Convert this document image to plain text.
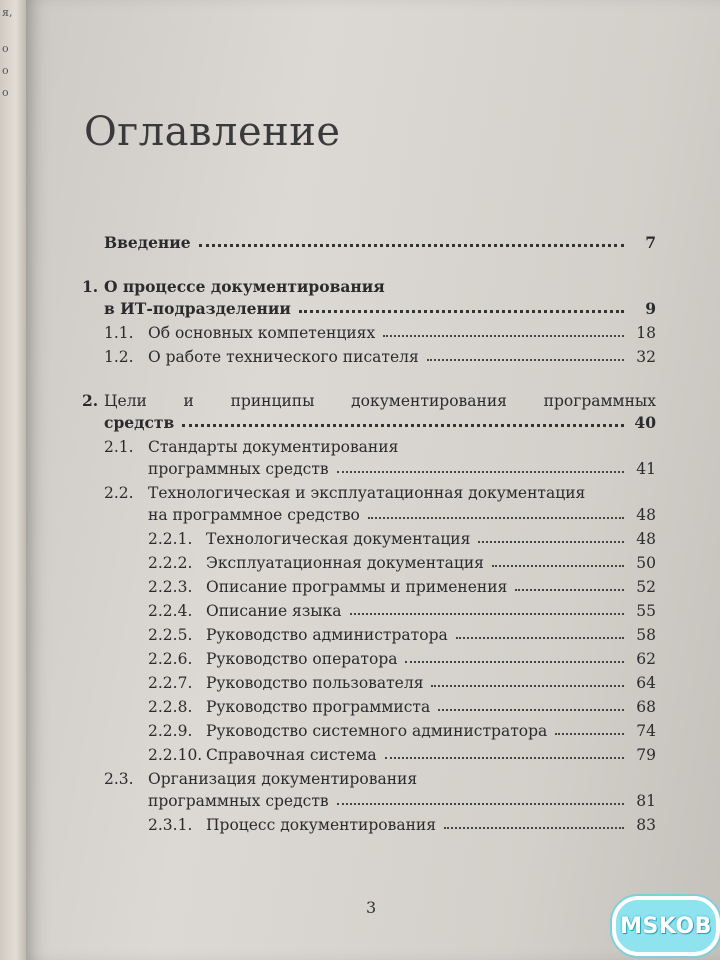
я,
о
о
о
Оглавление
Введение	7
1. О процессе документирования
в ИТ-подразделении	9
1.1. Об основных компетенциях	18
1.2. О работе технического писателя	32
2. Цели и принципы документирования программных
средств	40
2.1. Стандарты документирования
программных средств	41
2.2. Технологическая и эксплуатационная документация
на программное средство	48
2.2.1. Технологическая документация	48
2.2.2. Эксплуатационная документация	50
2.2.3. Описание программы и применения	52
2.2.4. Описание языка	55
2.2.5. Руководство администратора	58
2.2.6. Руководство оператора	62
2.2.7. Руководство пользователя	64
2.2.8. Руководство программиста	68
2.2.9. Руководство системного администратора	74
2.2.10. Справочная система	79
2.3. Организация документирования
программных средств	81
2.3.1. Процесс документирования	83
3
MSKOB
